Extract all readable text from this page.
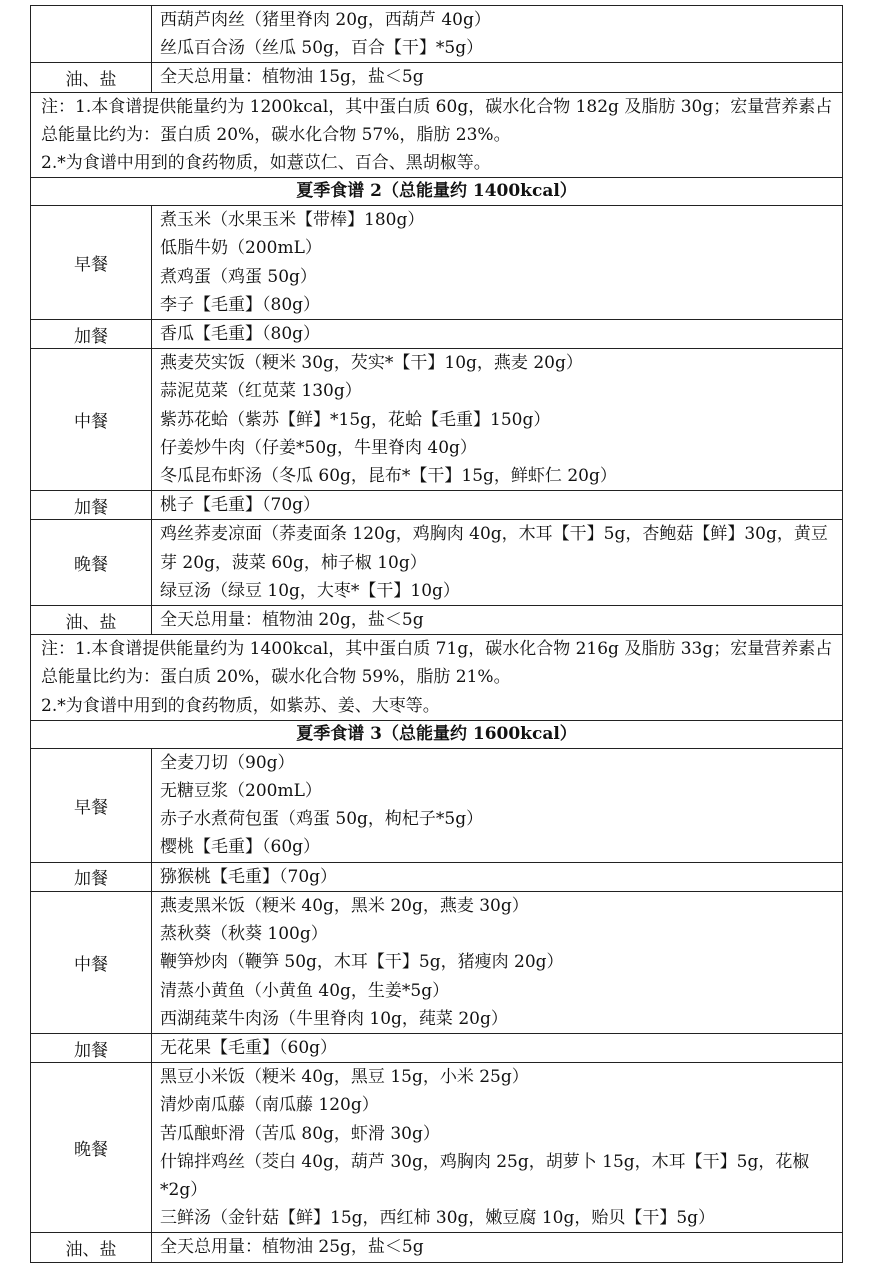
	西葫芦肉丝（猪里脊肉 20g，西葫芦 40g）
丝瓜百合汤（丝瓜 50g，百合【干】*5g）

油、盐	全天总用量：植物油 15g，盐＜5g

注：1.本食谱提供能量约为 1200kcal，其中蛋白质 60g，碳水化合物 182g 及脂肪 30g；宏量营养素占总能量比约为：蛋白质 20%，碳水化合物 57%，脂肪 23%。
2.*为食谱中用到的食药物质，如薏苡仁、百合、黑胡椒等。	

夏季食谱 2（总能量约 1400kcal）	

早餐	煮玉米（水果玉米【带棒】180g）
低脂牛奶（200mL）
煮鸡蛋（鸡蛋 50g）
李子【毛重】（80g）

加餐	香瓜【毛重】（80g）

中餐	燕麦芡实饭（粳米 30g，芡实*【干】10g，燕麦 20g）
蒜泥苋菜（红苋菜 130g）
紫苏花蛤（紫苏【鲜】*15g，花蛤【毛重】150g）
仔姜炒牛肉（仔姜*50g，牛里脊肉 40g）
冬瓜昆布虾汤（冬瓜 60g，昆布*【干】15g，鲜虾仁 20g）

加餐	桃子【毛重】（70g）

晚餐	鸡丝荞麦凉面（荞麦面条 120g，鸡胸肉 40g，木耳【干】5g，杏鲍菇【鲜】30g，黄豆芽 20g，菠菜 60g，柿子椒 10g）
绿豆汤（绿豆 10g，大枣*【干】10g）

油、盐	全天总用量：植物油 20g，盐＜5g

注：1.本食谱提供能量约为 1400kcal，其中蛋白质 71g，碳水化合物 216g 及脂肪 33g；宏量营养素占总能量比约为：蛋白质 20%，碳水化合物 59%，脂肪 21%。
2.*为食谱中用到的食药物质，如紫苏、姜、大枣等。	

夏季食谱 3（总能量约 1600kcal）	

早餐	全麦刀切（90g）
无糖豆浆（200mL）
赤子水煮荷包蛋（鸡蛋 50g，枸杞子*5g）
樱桃【毛重】（60g）

加餐	猕猴桃【毛重】（70g）

中餐	燕麦黑米饭（粳米 40g，黑米 20g，燕麦 30g）
蒸秋葵（秋葵 100g）
鞭笋炒肉（鞭笋 50g，木耳【干】5g，猪瘦肉 20g）
清蒸小黄鱼（小黄鱼 40g，生姜*5g）
西湖莼菜牛肉汤（牛里脊肉 10g，莼菜 20g）

加餐	无花果【毛重】（60g）

晚餐	黑豆小米饭（粳米 40g，黑豆 15g，小米 25g）
清炒南瓜藤（南瓜藤 120g）
苦瓜酿虾滑（苦瓜 80g，虾滑 30g）
什锦拌鸡丝（茭白 40g，葫芦 30g，鸡胸肉 25g，胡萝卜 15g，木耳【干】5g，花椒*2g）
三鲜汤（金针菇【鲜】15g，西红柿 30g，嫩豆腐 10g，贻贝【干】5g）

油、盐	全天总用量：植物油 25g，盐＜5g
